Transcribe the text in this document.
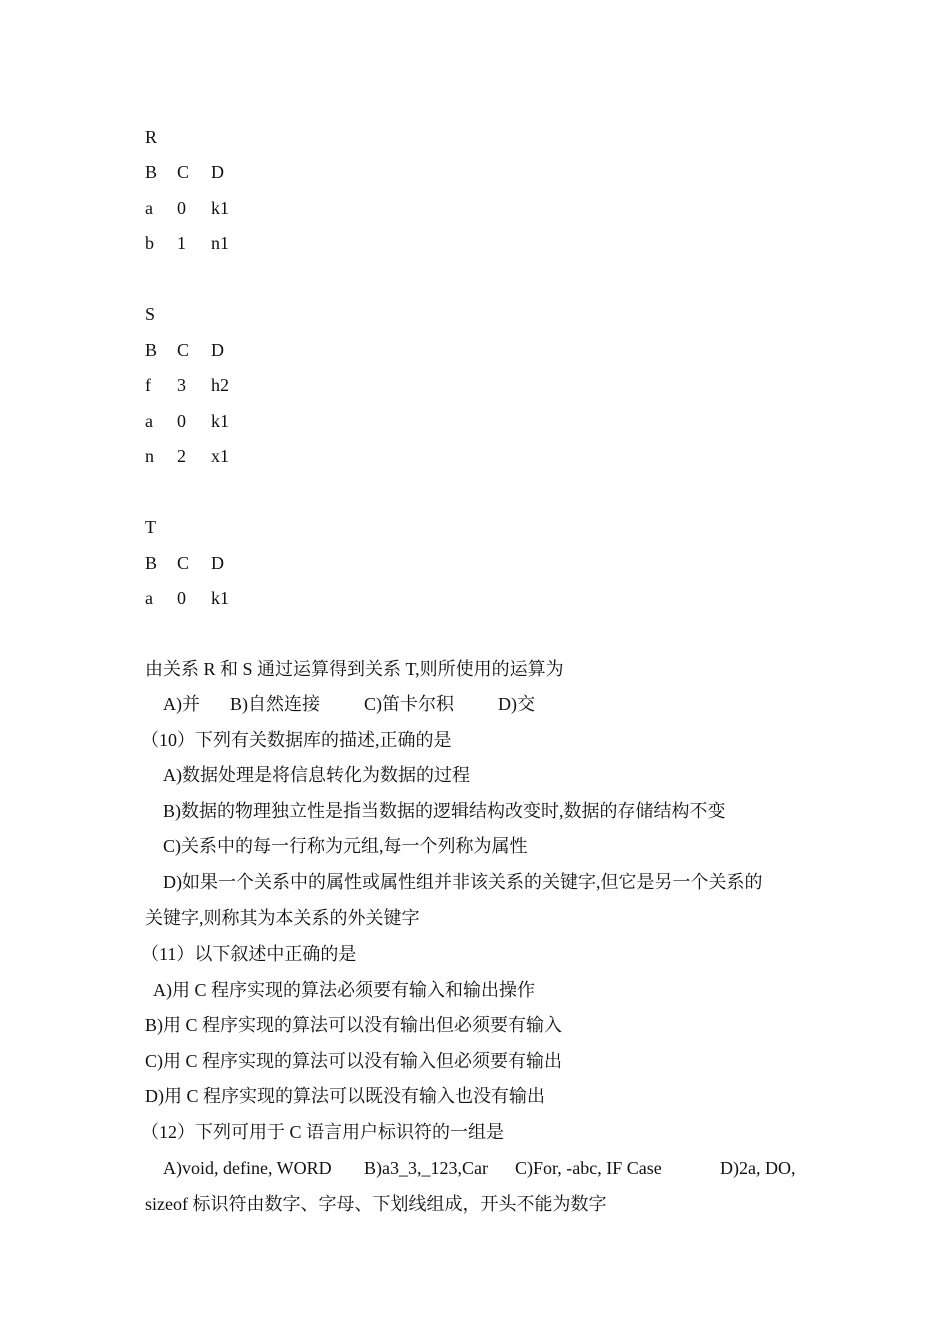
R
B	C	D
a	0	k1
b	1	n1
S
B	C	D
f	3	h2
a	0	k1
n	2	x1
T
B	C	D
a	0	k1
由关系 R 和 S 通过运算得到关系 T,则所使用的运算为
A)并 B)自然连接 C)笛卡尔积 D)交
（10）下列有关数据库的描述,正确的是
A)数据处理是将信息转化为数据的过程
B)数据的物理独立性是指当数据的逻辑结构改变时,数据的存储结构不变
C)关系中的每一行称为元组,每一个列称为属性
D)如果一个关系中的属性或属性组并非该关系的关键字,但它是另一个关系的
关键字,则称其为本关系的外关键字
（11）以下叙述中正确的是
A)用 C 程序实现的算法必须要有输入和输出操作
B)用 C 程序实现的算法可以没有输出但必须要有输入
C)用 C 程序实现的算法可以没有输入但必须要有输出
D)用 C 程序实现的算法可以既没有输入也没有输出
（12）下列可用于 C 语言用户标识符的一组是
A)void, define, WORD B)a3_3,_123,Car C)For, -abc, IF Case	D)2a, DO,
sizeof 标识符由数字、字母、下划线组成，开头不能为数字
